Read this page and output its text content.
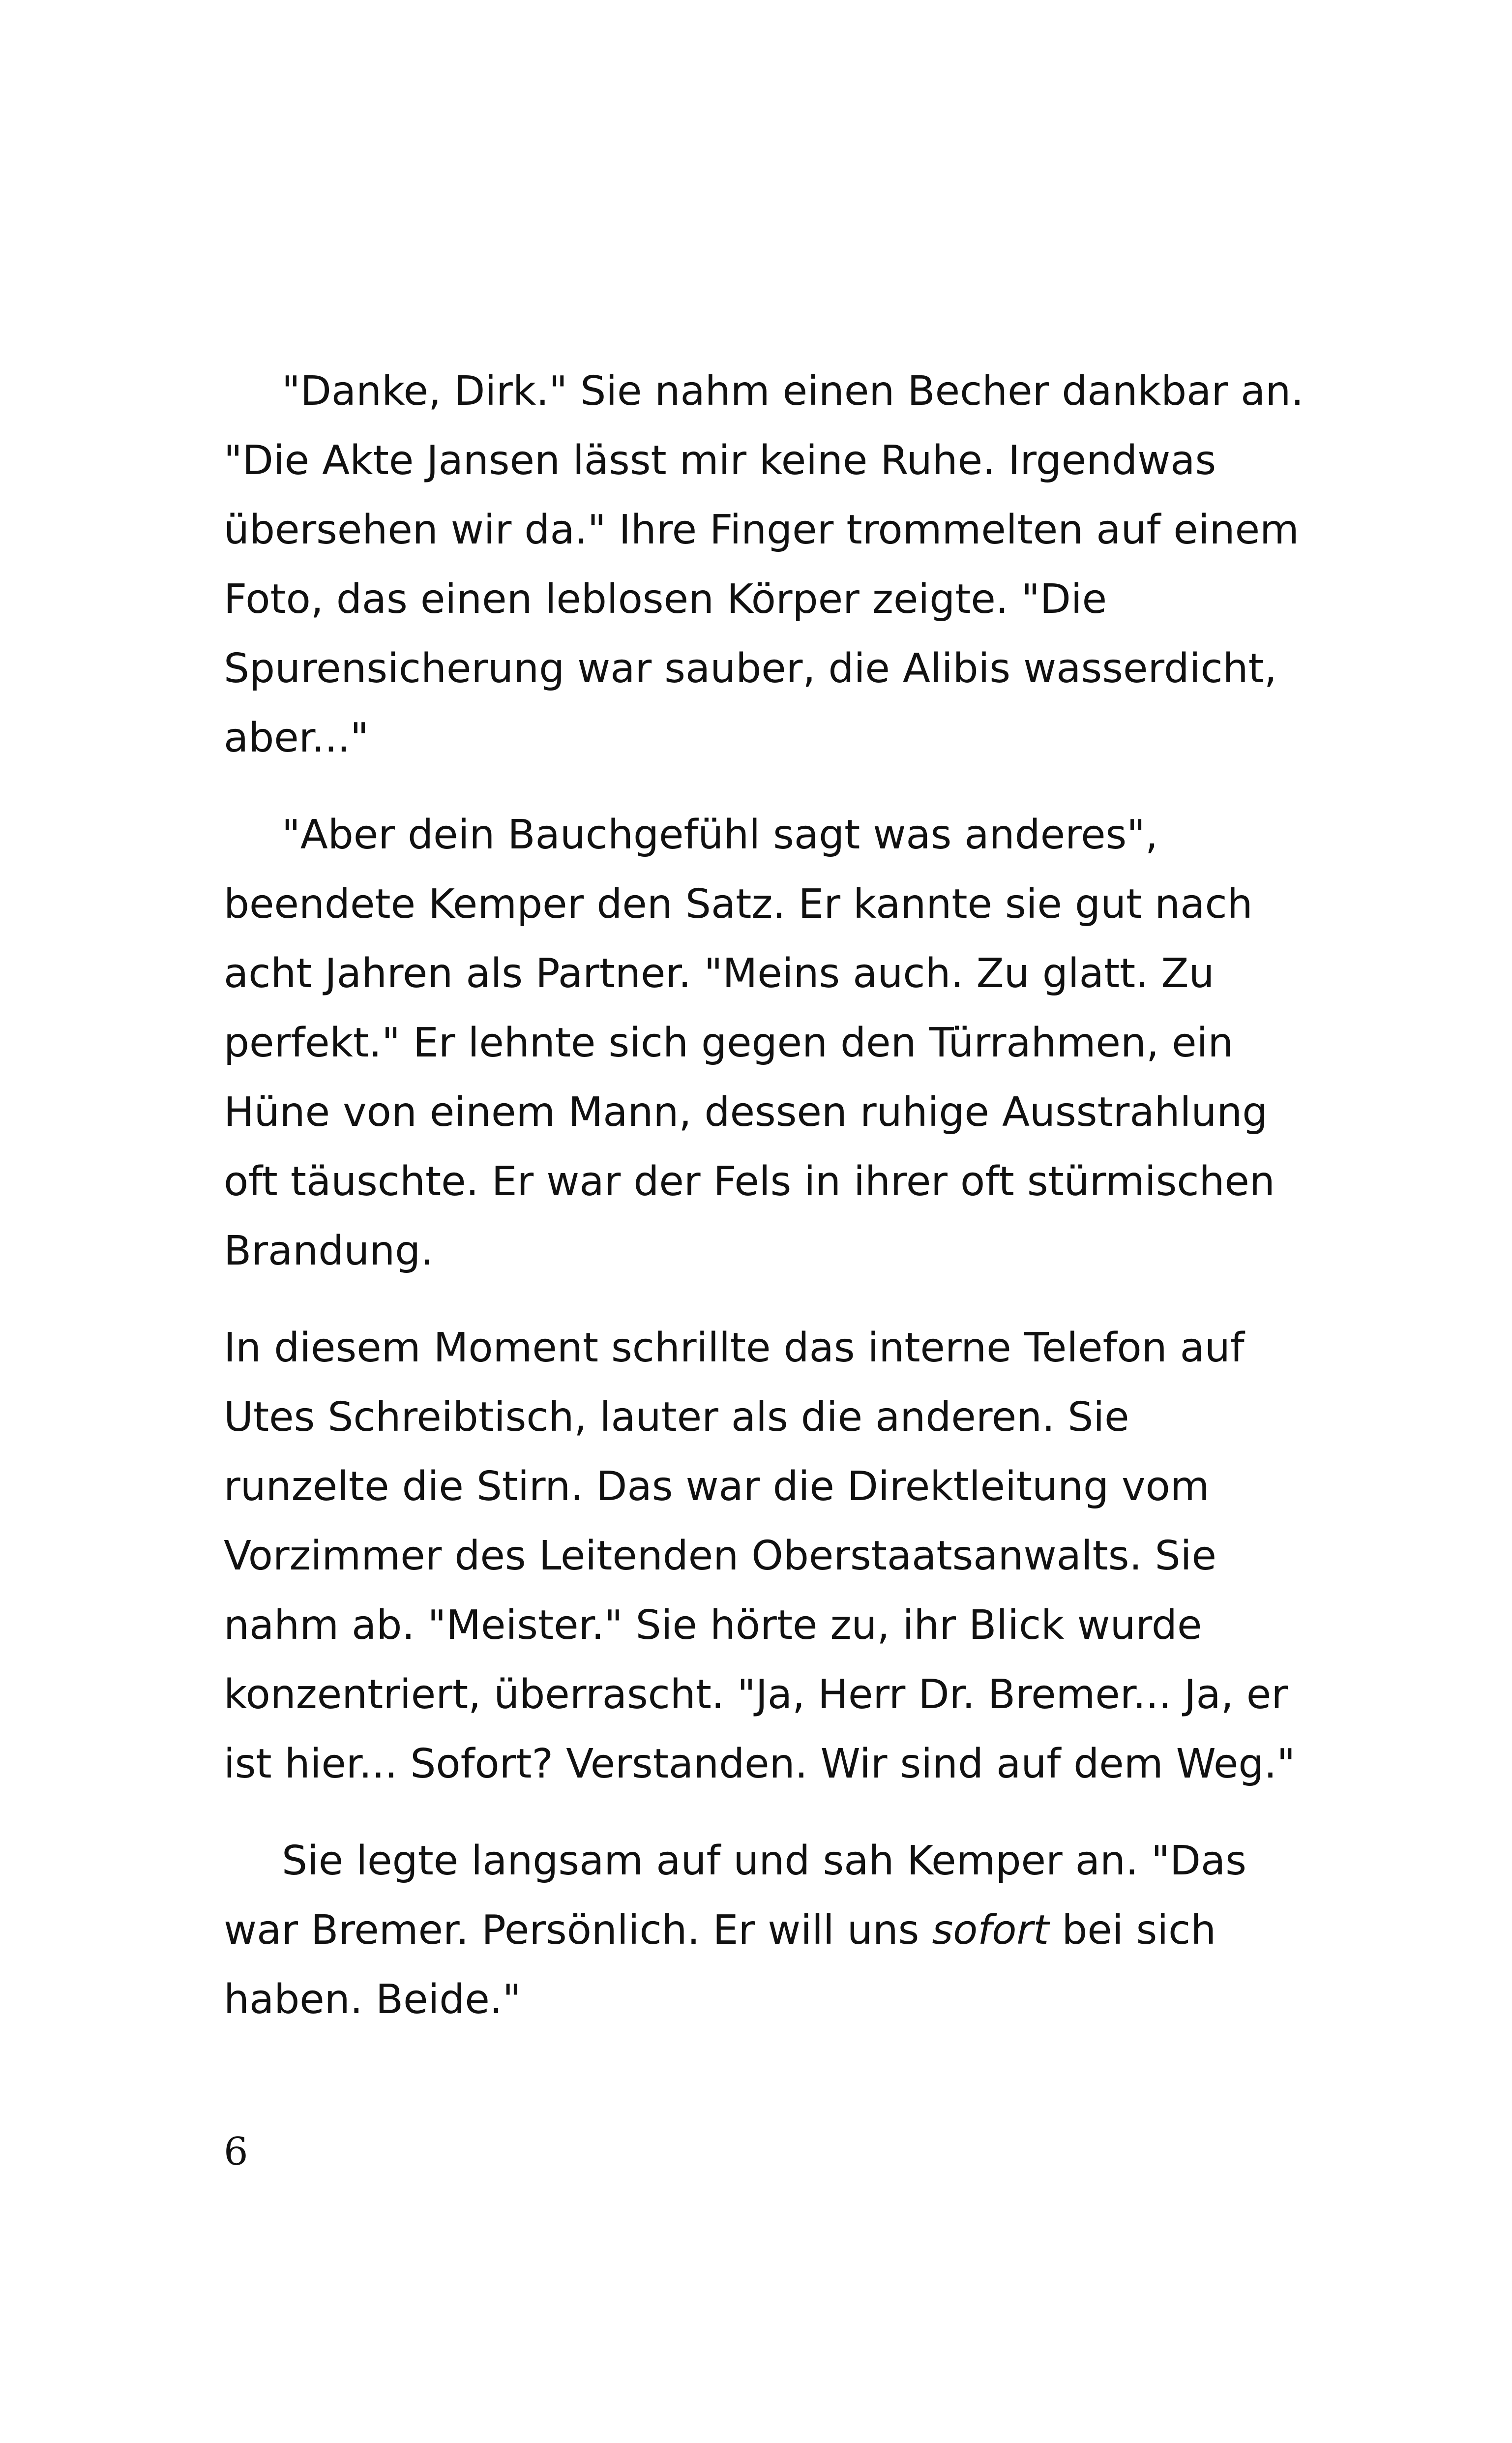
"Danke, Dirk." Sie nahm einen Becher dankbar an. "Die Akte Jansen lässt mir keine Ruhe. Irgendwas übersehen wir da." Ihre Finger trommelten auf einem Foto, das einen leblosen Körper zeigte. "Die Spurensicherung war sauber, die Alibis wasserdicht, aber..."

"Aber dein Bauchgefühl sagt was anderes", beendete Kemper den Satz. Er kannte sie gut nach acht Jahren als Partner. "Meins auch. Zu glatt. Zu perfekt." Er lehnte sich gegen den Türrahmen, ein Hüne von einem Mann, dessen ruhige Ausstrahlung oft täuschte. Er war der Fels in ihrer oft stürmischen Brandung.

In diesem Moment schrillte das interne Telefon auf Utes Schreibtisch, lauter als die anderen. Sie runzelte die Stirn. Das war die Direktleitung vom Vorzimmer des Leitenden Oberstaatsanwalts. Sie nahm ab. "Meister." Sie hörte zu, ihr Blick wurde konzentriert, überrascht. "Ja, Herr Dr. Bremer... Ja, er ist hier... Sofort? Verstanden. Wir sind auf dem Weg."

Sie legte langsam auf und sah Kemper an. "Das war Bremer. Persönlich. Er will uns sofort bei sich haben. Beide."

6
